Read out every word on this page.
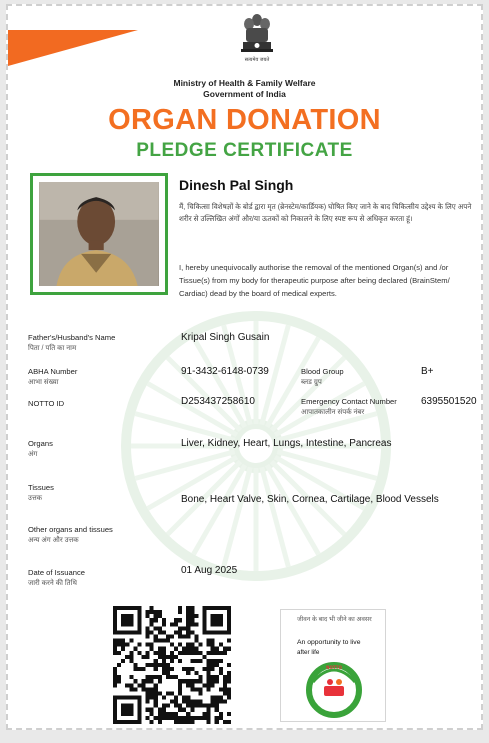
सत्यमेव जयते
Ministry of Health & Family Welfare
Government of India
ORGAN DONATION
PLEDGE CERTIFICATE
Dinesh Pal Singh
मैं, चिकित्सा विशेषज्ञों के बोर्ड द्वारा मृत (ब्रेनस्टेम/कार्डियक) घोषित किए जाने के बाद चिकित्सीय उद्देश्य के लिए अपने शरीर से उल्लिखित अंगों और/या ऊतकों को निकालने के लिए स्पष्ट रूप से अधिकृत करता हूं।
I, hereby unequivocally authorise the removal of the mentioned Organ(s) and /or Tissue(s) from my body for therapeutic purpose after being declared (BrainStem/ Cardiac) dead by the board of medical experts.
Father's/Husband's Name
पिता / पति का नाम
Kripal Singh Gusain
ABHA Number
आभा संख्या
91-3432-6148-0739	Blood Group
ब्लड ग्रुप
B+
NOTTO ID	D253437258610	Emergency Contact Number
आपातकालीन संपर्क नंबर
6395501520
Organs
अंग
Liver, Kidney, Heart, Lungs, Intestine, Pancreas
Tissues
उत्तक	Bone, Heart Valve, Skin, Cornea, Cartilage, Blood Vessels
Other organs and tissues
अन्य अंग और उत्तक
Date of Issuance
जारी करने की तिथि
01 Aug 2025
जीवन के बाद भी जीने का अवसर
An opportunity to live
after life
NOTTO
